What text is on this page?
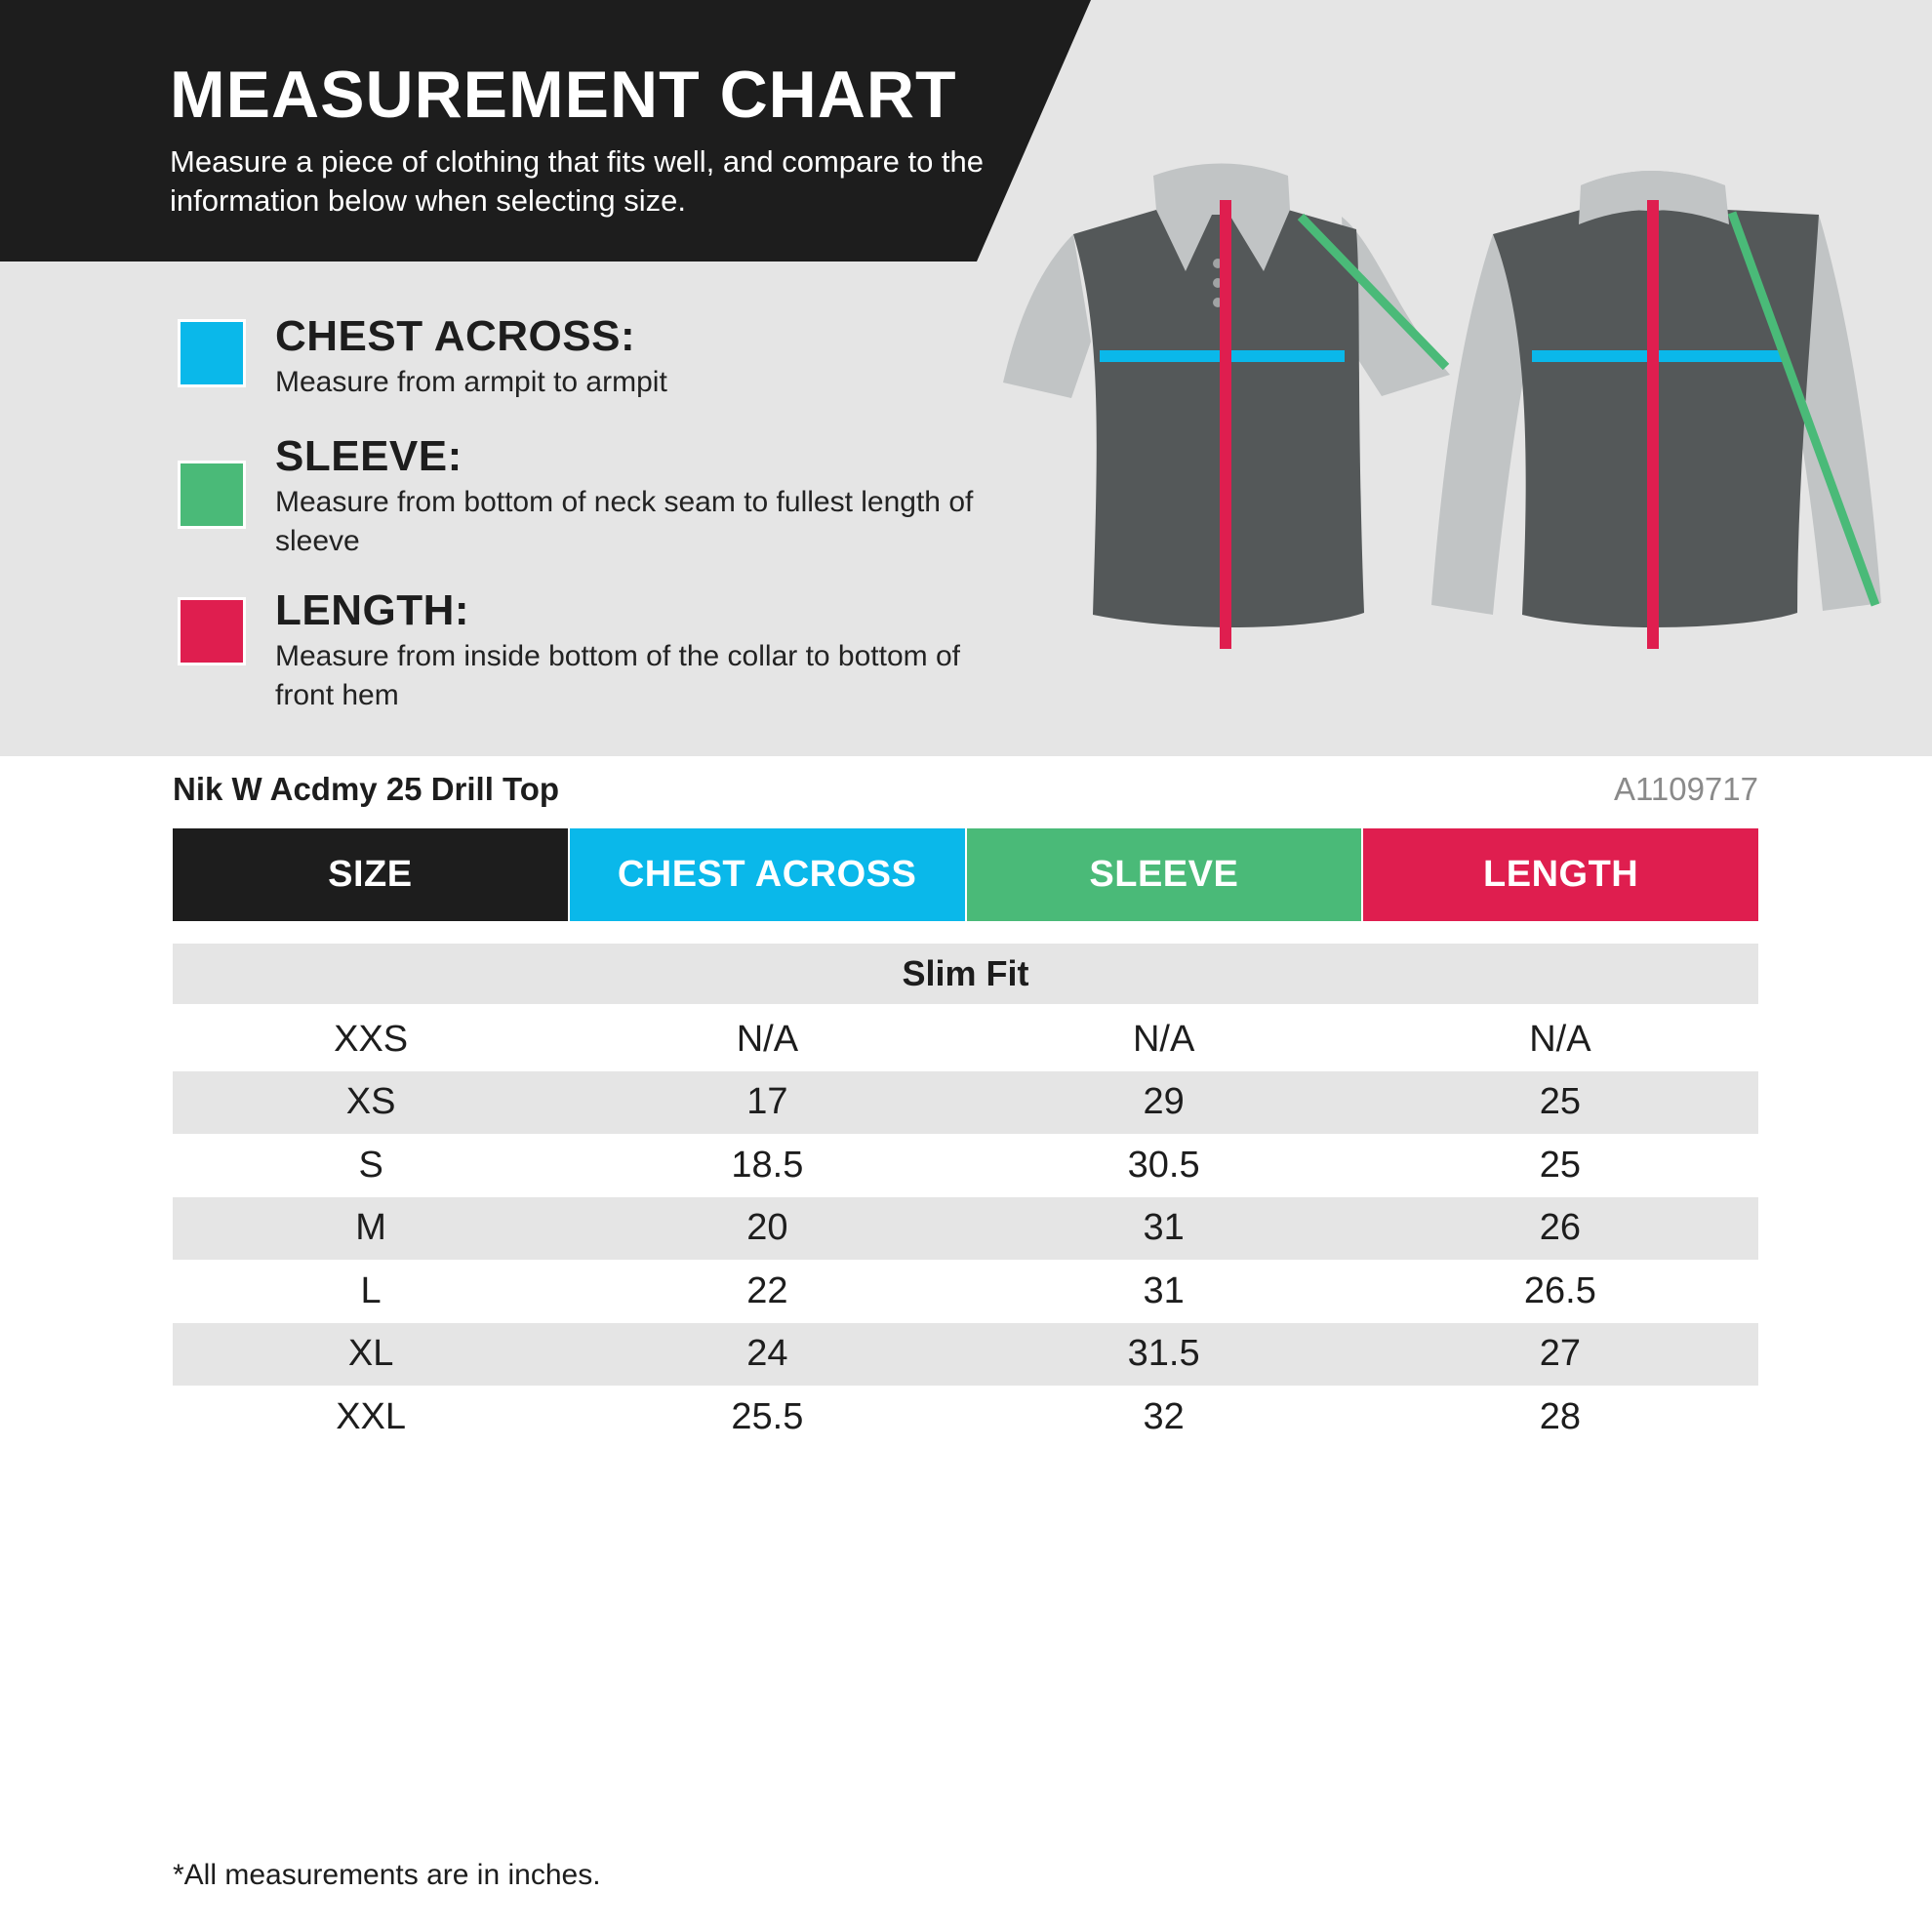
MEASUREMENT CHART
Measure a piece of clothing that fits well, and compare to the information below when selecting size.
CHEST ACROSS:
Measure from armpit to armpit
SLEEVE:
Measure from bottom of neck seam to fullest length of sleeve
LENGTH:
Measure from inside bottom of the collar to bottom of front hem
Nik W Acdmy 25 Drill Top	A1109717
SIZE	CHEST ACROSS	SLEEVE	LENGTH
Slim Fit
XXS	N/A	N/A	N/A
XS	17	29	25
S	18.5	30.5	25
M	20	31	26
L	22	31	26.5
XL	24	31.5	27
XXL	25.5	32	28
*All measurements are in inches.
